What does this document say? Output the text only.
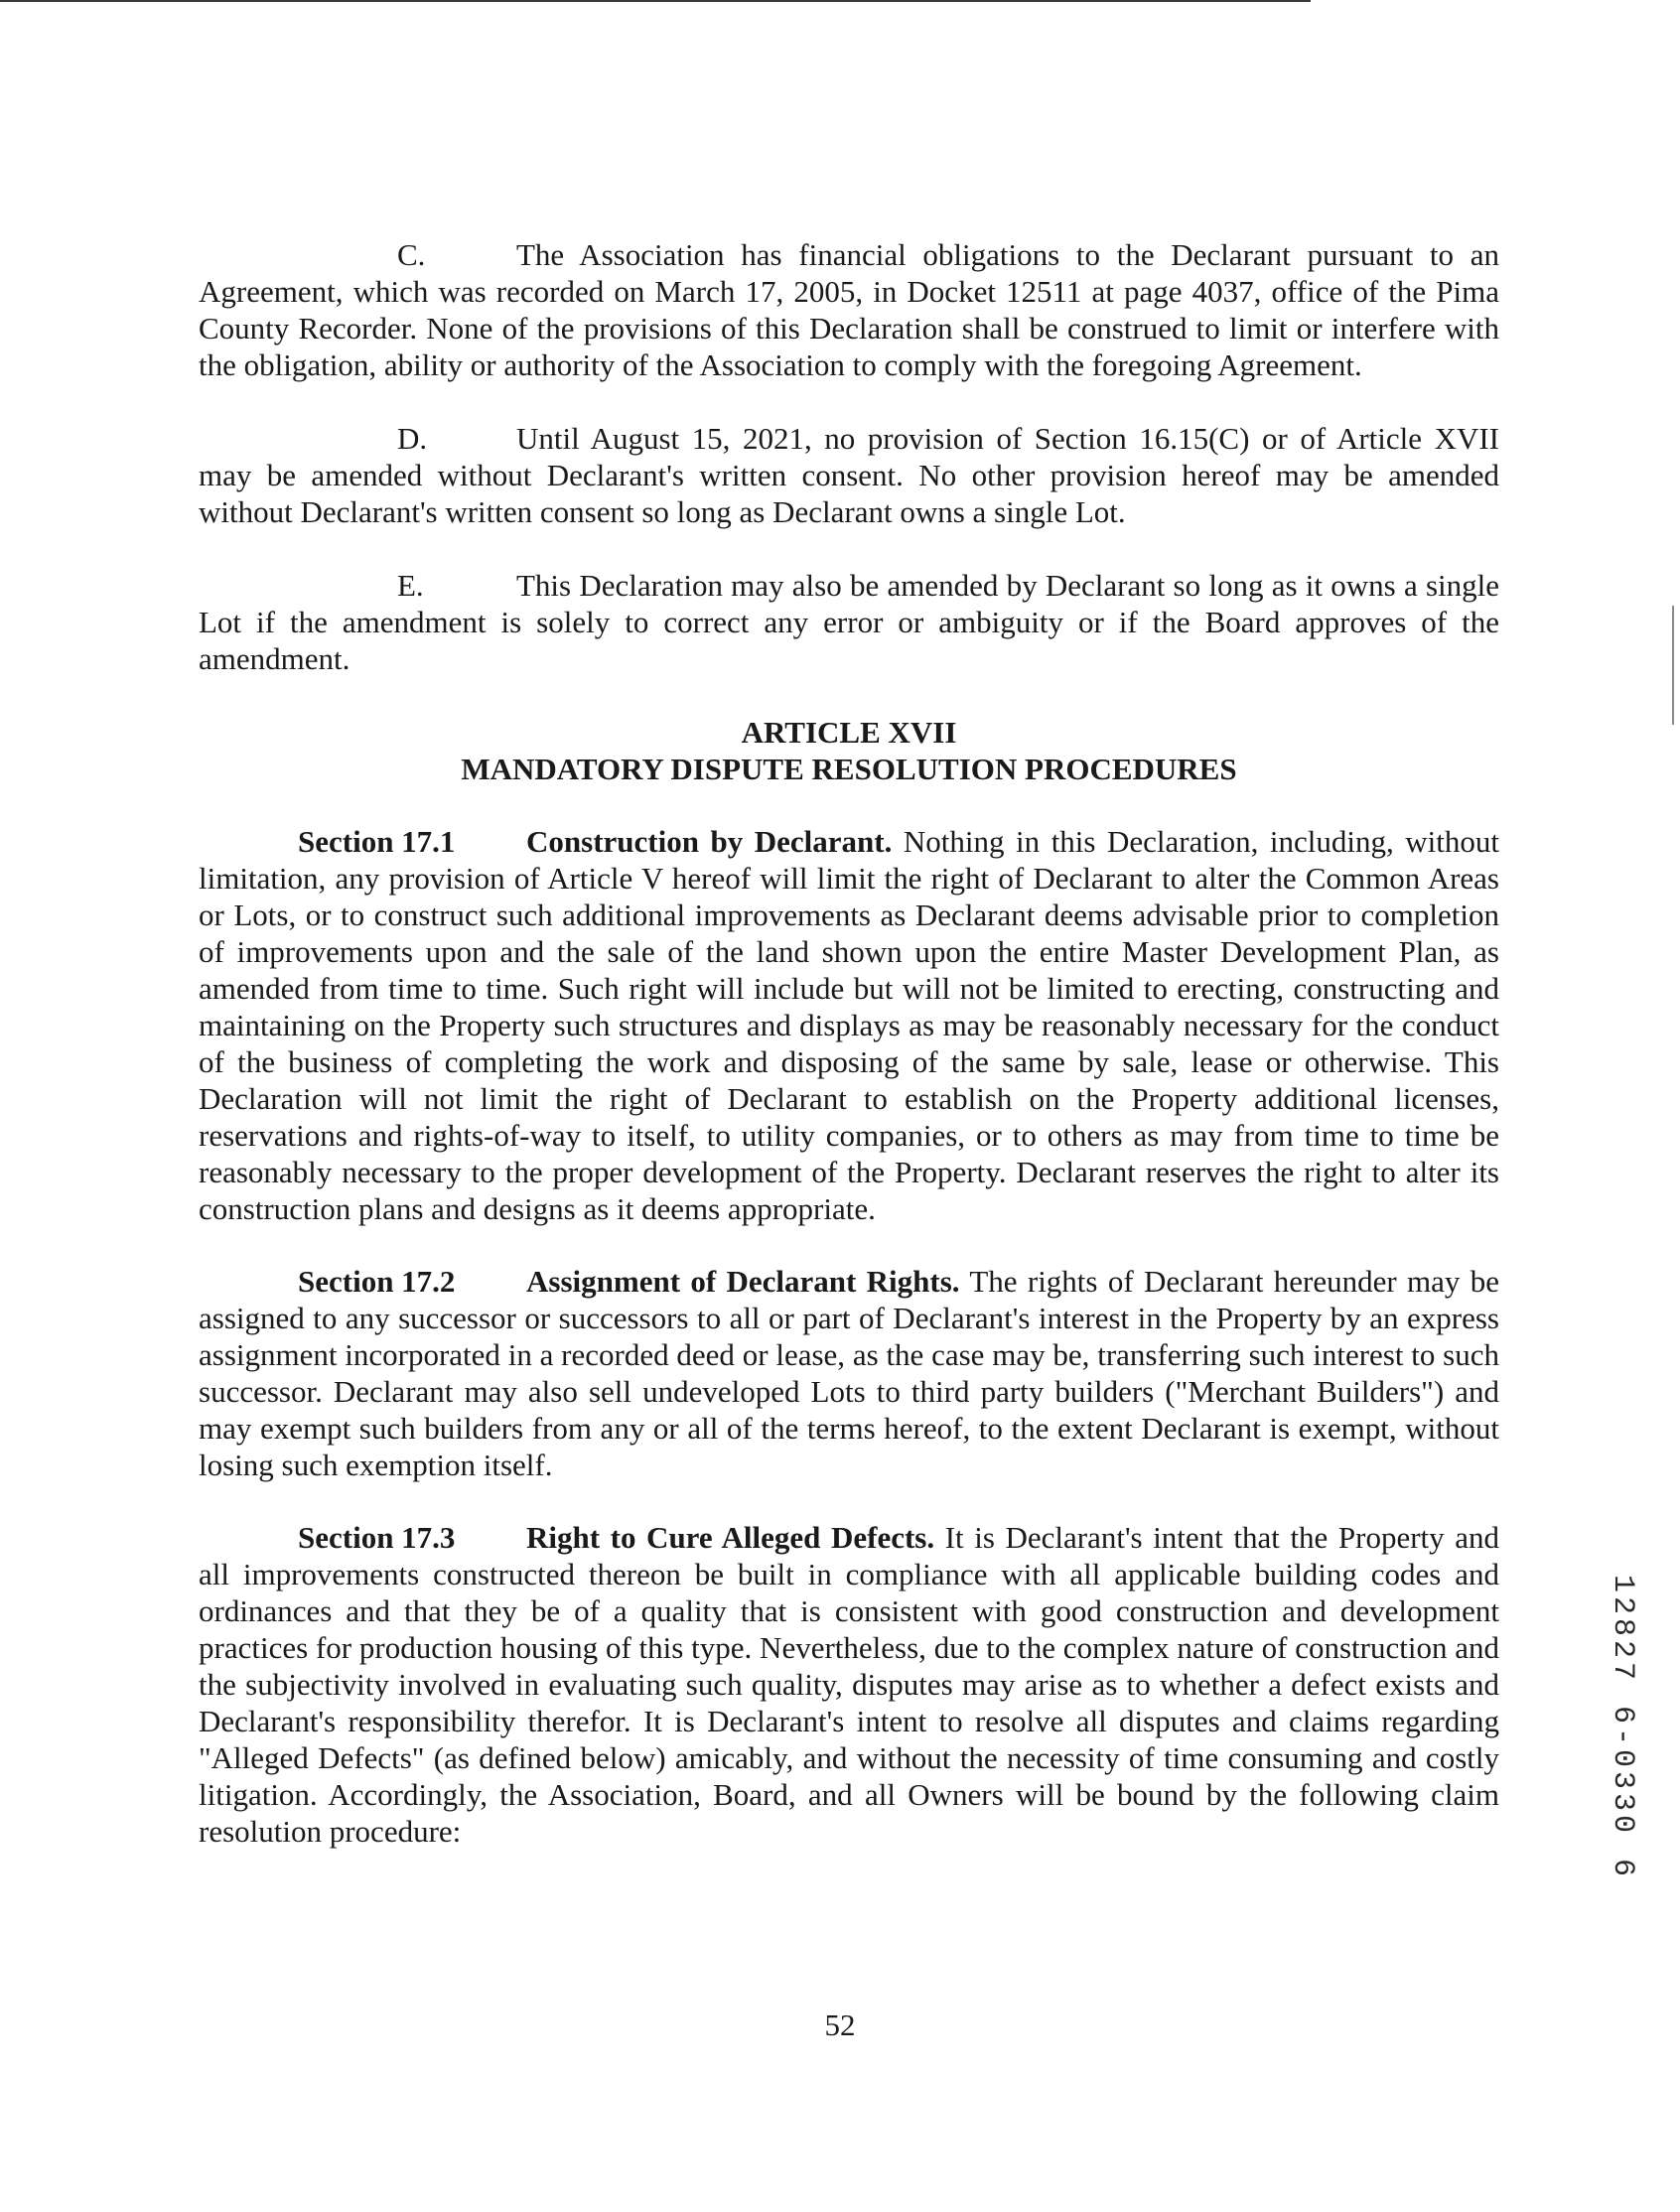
C.	The Association has financial obligations to the Declarant pursuant to an Agreement, which was recorded on March 17, 2005, in Docket 12511 at page 4037, office of the Pima County Recorder. None of the provisions of this Declaration shall be construed to limit or interfere with the obligation, ability or authority of the Association to comply with the foregoing Agreement.

D.	Until August 15, 2021, no provision of Section 16.15(C) or of Article XVII may be amended without Declarant's written consent. No other provision hereof may be amended without Declarant's written consent so long as Declarant owns a single Lot.

E.	This Declaration may also be amended by Declarant so long as it owns a single Lot if the amendment is solely to correct any error or ambiguity or if the Board approves of the amendment.

ARTICLE XVII
MANDATORY DISPUTE RESOLUTION PROCEDURES

Section 17.1 Construction by Declarant. Nothing in this Declaration, including, without limitation, any provision of Article V hereof will limit the right of Declarant to alter the Common Areas or Lots, or to construct such additional improvements as Declarant deems advisable prior to completion of improvements upon and the sale of the land shown upon the entire Master Development Plan, as amended from time to time. Such right will include but will not be limited to erecting, constructing and maintaining on the Property such structures and displays as may be reasonably necessary for the conduct of the business of completing the work and disposing of the same by sale, lease or otherwise. This Declaration will not limit the right of Declarant to establish on the Property additional licenses, reservations and rights-of-way to itself, to utility companies, or to others as may from time to time be reasonably necessary to the proper development of the Property. Declarant reserves the right to alter its construction plans and designs as it deems appropriate.

Section 17.2 Assignment of Declarant Rights. The rights of Declarant hereunder may be assigned to any successor or successors to all or part of Declarant's interest in the Property by an express assignment incorporated in a recorded deed or lease, as the case may be, transferring such interest to such successor. Declarant may also sell undeveloped Lots to third party builders ("Merchant Builders") and may exempt such builders from any or all of the terms hereof, to the extent Declarant is exempt, without losing such exemption itself.

Section 17.3 Right to Cure Alleged Defects. It is Declarant's intent that the Property and all improvements constructed thereon be built in compliance with all applicable building codes and ordinances and that they be of a quality that is consistent with good construction and development practices for production housing of this type. Nevertheless, due to the complex nature of construction and the subjectivity involved in evaluating such quality, disputes may arise as to whether a defect exists and Declarant's responsibility therefor. It is Declarant's intent to resolve all disputes and claims regarding "Alleged Defects" (as defined below) amicably, and without the necessity of time consuming and costly litigation. Accordingly, the Association, Board, and all Owners will be bound by the following claim resolution procedure:	12827 6-0330 6
52
